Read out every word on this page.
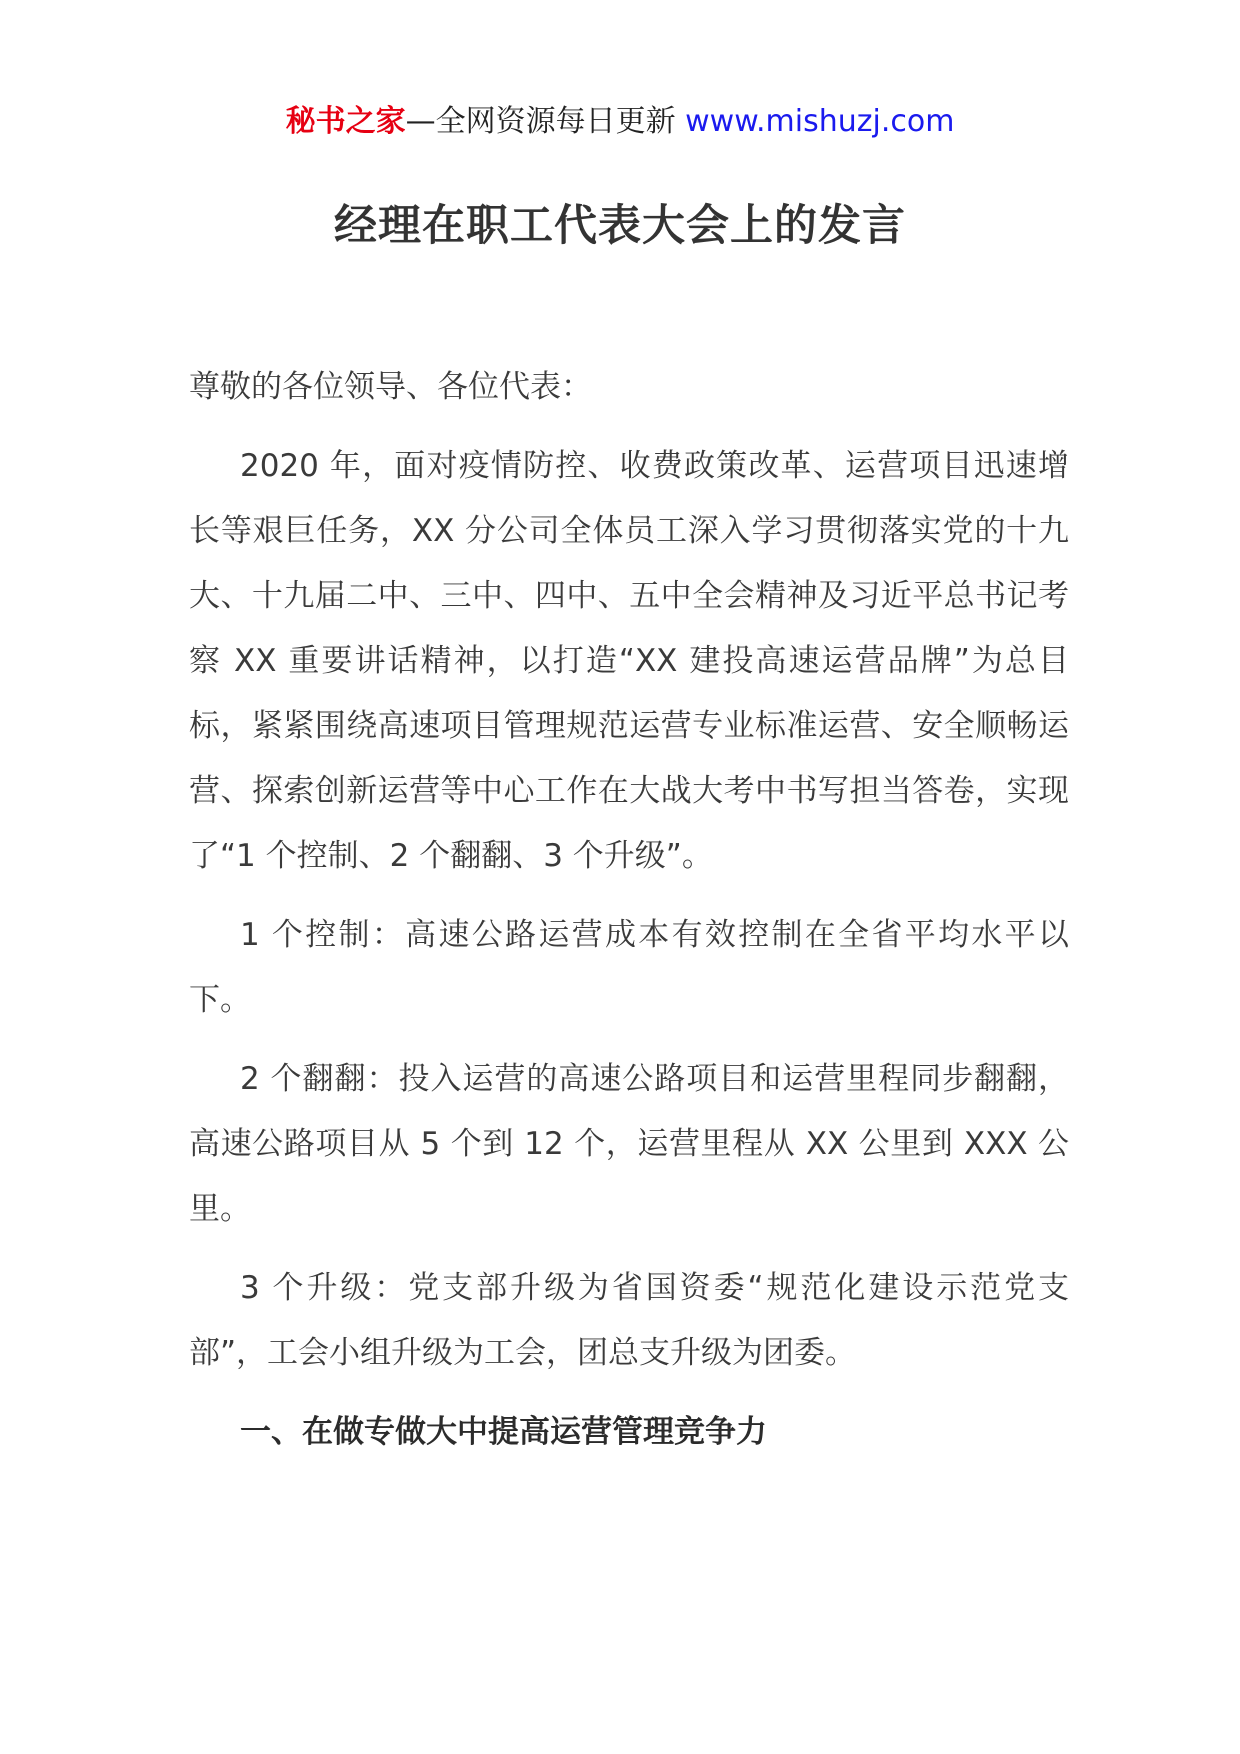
秘书之家—全网资源每日更新 www.mishuzj.com
经理在职工代表大会上的发言

尊敬的各位领导、各位代表：

2020 年，面对疫情防控、收费政策改革、运营项目迅速增长等艰巨任务，XX 分公司全体员工深入学习贯彻落实党的十九大、十九届二中、三中、四中、五中全会精神及习近平总书记考察 XX 重要讲话精神，以打造“XX 建投高速运营品牌”为总目标，紧紧围绕高速项目管理规范运营专业标准运营、安全顺畅运营、探索创新运营等中心工作在大战大考中书写担当答卷，实现了“1 个控制、2 个翻翻、3 个升级”。

1 个控制：高速公路运营成本有效控制在全省平均水平以下。

2 个翻翻：投入运营的高速公路项目和运营里程同步翻翻，高速公路项目从 5 个到 12 个，运营里程从 XX 公里到 XXX 公里。

3 个升级：党支部升级为省国资委“规范化建设示范党支部”，工会小组升级为工会，团总支升级为团委。

一、在做专做大中提高运营管理竞争力
